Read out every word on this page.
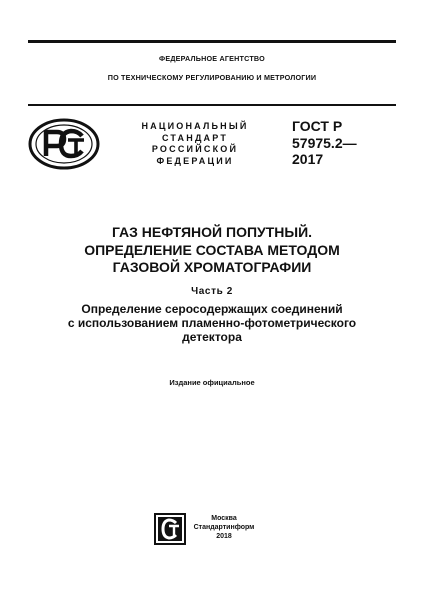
ФЕДЕРАЛЬНОЕ АГЕНТСТВО
ПО ТЕХНИЧЕСКОМУ РЕГУЛИРОВАНИЮ И МЕТРОЛОГИИ
НАЦИОНАЛЬНЫЙ
СТАНДАРТ
РОССИЙСКОЙ
ФЕДЕРАЦИИ
ГОСТ Р
57975.2—
2017
ГАЗ НЕФТЯНОЙ ПОПУТНЫЙ.
ОПРЕДЕЛЕНИЕ СОСТАВА МЕТОДОМ
ГАЗОВОЙ ХРОМАТОГРАФИИ
Часть 2
Определение серосодержащих соединений
с использованием пламенно-фотометрического
детектора
Издание официальное
Москва
Стандартинформ
2018
